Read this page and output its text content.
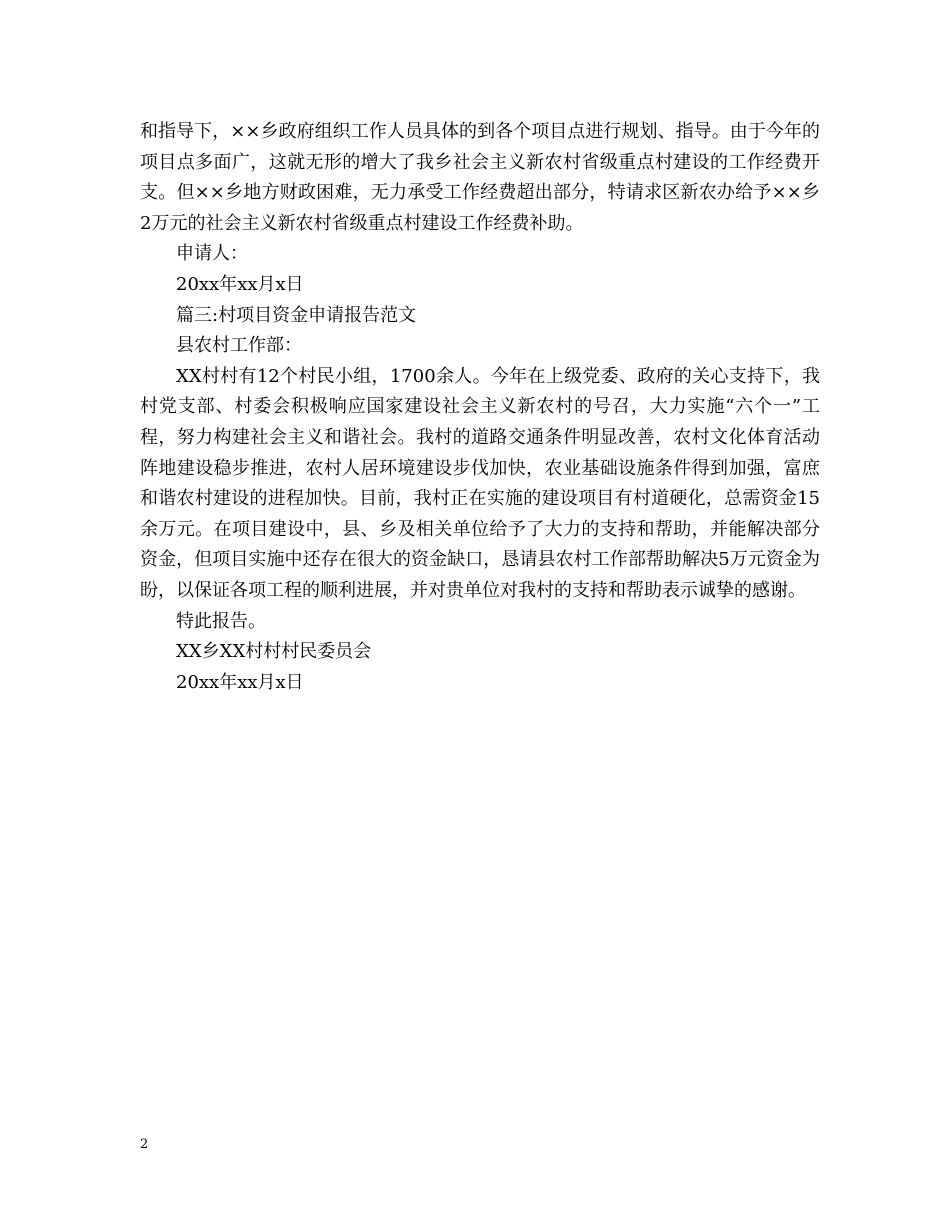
和指导下，××乡政府组织工作人员具体的到各个项目点进行规划、指导。由于今年的项目点多面广，这就无形的增大了我乡社会主义新农村省级重点村建设的工作经费开支。但××乡地方财政困难，无力承受工作经费超出部分，特请求区新农办给予××乡2万元的社会主义新农村省级重点村建设工作经费补助。

申请人：

20xx年xx月x日

篇三:村项目资金申请报告范文

县农村工作部：

XX村村有12个村民小组，1700余人。今年在上级党委、政府的关心支持下，我村党支部、村委会积极响应国家建设社会主义新农村的号召，大力实施“六个一”工程，努力构建社会主义和谐社会。我村的道路交通条件明显改善，农村文化体育活动阵地建设稳步推进，农村人居环境建设步伐加快，农业基础设施条件得到加强，富庶和谐农村建设的进程加快。目前，我村正在实施的建设项目有村道硬化，总需资金15余万元。在项目建设中，县、乡及相关单位给予了大力的支持和帮助，并能解决部分资金，但项目实施中还存在很大的资金缺口，恳请县农村工作部帮助解决5万元资金为盼，以保证各项工程的顺利进展，并对贵单位对我村的支持和帮助表示诚挚的感谢。

特此报告。

XX乡XX村村村民委员会

20xx年xx月x日

2
